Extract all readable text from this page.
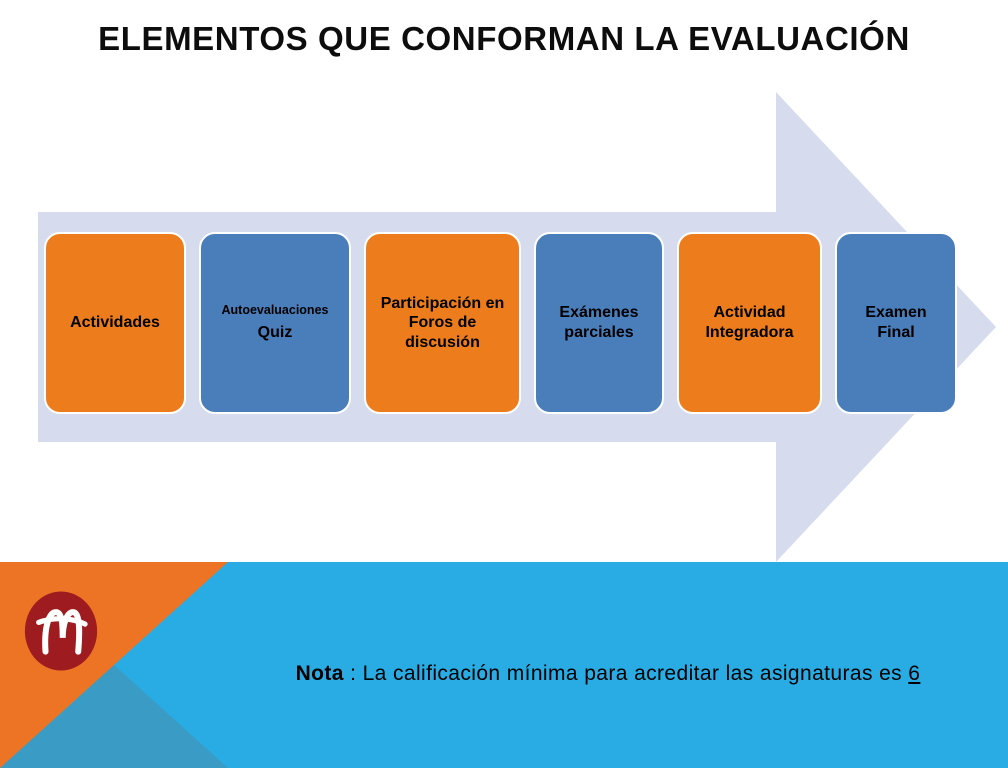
ELEMENTOS QUE CONFORMAN LA EVALUACIÓN
Actividades
Autoevaluaciones
Quiz
Participación en Foros de discusión
Exámenes parciales
Actividad Integradora
Examen Final
Nota : La calificación mínima para acreditar las asignaturas es 6
